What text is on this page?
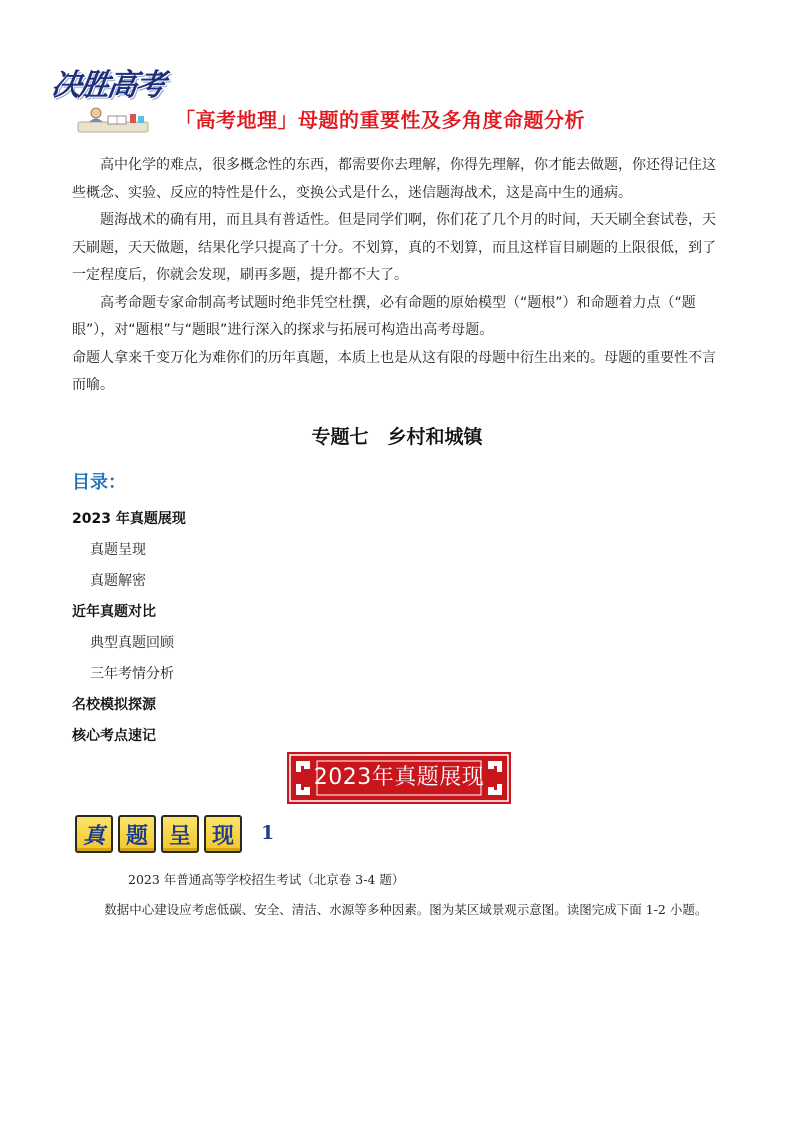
决胜高考
「高考地理」母题的重要性及多角度命题分析

高中化学的难点，很多概念性的东西，都需要你去理解，你得先理解，你才能去做题，你还得记住这些概念、实验、反应的特性是什么，变换公式是什么，迷信题海战术，这是高中生的通病。

题海战术的确有用，而且具有普适性。但是同学们啊，你们花了几个月的时间，天天刷全套试卷，天天刷题，天天做题，结果化学只提高了十分。不划算，真的不划算，而且这样盲目刷题的上限很低，到了一定程度后，你就会发现，刷再多题，提升都不大了。

高考命题专家命制高考试题时绝非凭空杜撰，必有命题的原始模型（“题根”）和命题着力点（“题眼”），对“题根”与“题眼”进行深入的探求与拓展可构造出高考母题。

命题人拿来千变万化为难你们的历年真题，本质上也是从这有限的母题中衍生出来的。母题的重要性不言而喻。

专题七　乡村和城镇
目录：
2023 年真题展现
真题呈现
真题解密
近年真题对比
典型真题回顾
三年考情分析
名校模拟探源
核心考点速记
2023年真题展现
真 题 呈 现	1
2023 年普通高等学校招生考试（北京卷 3-4 题）

数据中心建设应考虑低碳、安全、清洁、水源等多种因素。图为某区域景观示意图。读图完成下面 1-2 小题。
